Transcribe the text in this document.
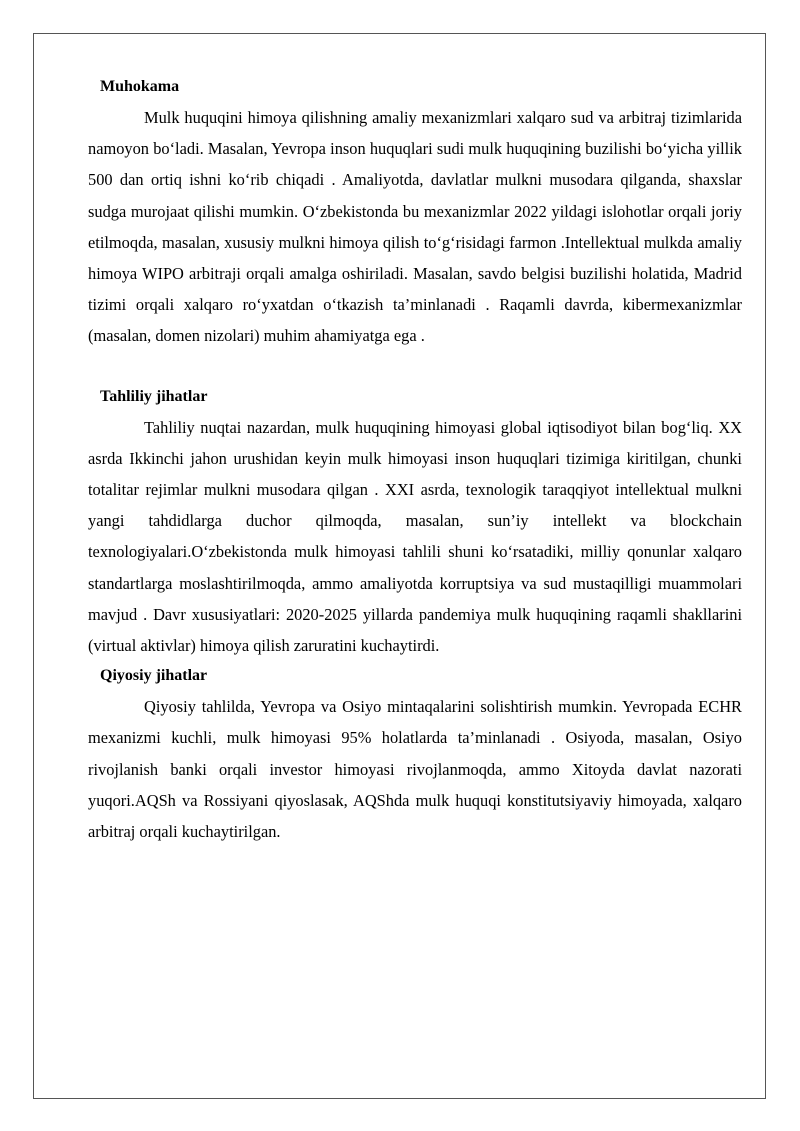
Muhokama

Mulk huquqini himoya qilishning amaliy mexanizmlari xalqaro sud va arbitraj tizimlarida namoyon bo‘ladi. Masalan, Yevropa inson huquqlari sudi mulk huquqining buzilishi bo‘yicha yillik 500 dan ortiq ishni ko‘rib chiqadi . Amaliyotda, davlatlar mulkni musodara qilganda, shaxslar sudga murojaat qilishi mumkin. O‘zbekistonda bu mexanizmlar 2022 yildagi islohotlar orqali joriy etilmoqda, masalan, xususiy mulkni himoya qilish to‘g‘risidagi farmon .Intellektual mulkda amaliy himoya WIPO arbitraji orqali amalga oshiriladi. Masalan, savdo belgisi buzilishi holatida, Madrid tizimi orqali xalqaro ro‘yxatdan o‘tkazish ta’minlanadi . Raqamli davrda, kibermexanizmlar (masalan, domen nizolari) muhim ahamiyatga ega .

Tahliliy jihatlar

Tahliliy nuqtai nazardan, mulk huquqining himoyasi global iqtisodiyot bilan bog‘liq. XX asrda Ikkinchi jahon urushidan keyin mulk himoyasi inson huquqlari tizimiga kiritilgan, chunki totalitar rejimlar mulkni musodara qilgan . XXI asrda, texnologik taraqqiyot intellektual mulkni yangi tahdidlarga duchor qilmoqda, masalan, sun’iy intellekt va blockchain texnologiyalari.O‘zbekistonda mulk himoyasi tahlili shuni ko‘rsatadiki, milliy qonunlar xalqaro standartlarga moslashtirilmoqda, ammo amaliyotda korruptsiya va sud mustaqilligi muammolari mavjud . Davr xususiyatlari: 2020-2025 yillarda pandemiya mulk huquqining raqamli shakllarini (virtual aktivlar) himoya qilish zaruratini kuchaytirdi.

Qiyosiy jihatlar

Qiyosiy tahlilda, Yevropa va Osiyo mintaqalarini solishtirish mumkin. Yevropada ECHR mexanizmi kuchli, mulk himoyasi 95% holatlarda ta’minlanadi . Osiyoda, masalan, Osiyo rivojlanish banki orqali investor himoyasi rivojlanmoqda, ammo Xitoyda davlat nazorati yuqori.AQSh va Rossiyani qiyoslasak, AQShda mulk huquqi konstitutsiyaviy himoyada, xalqaro arbitraj orqali kuchaytirilgan.
